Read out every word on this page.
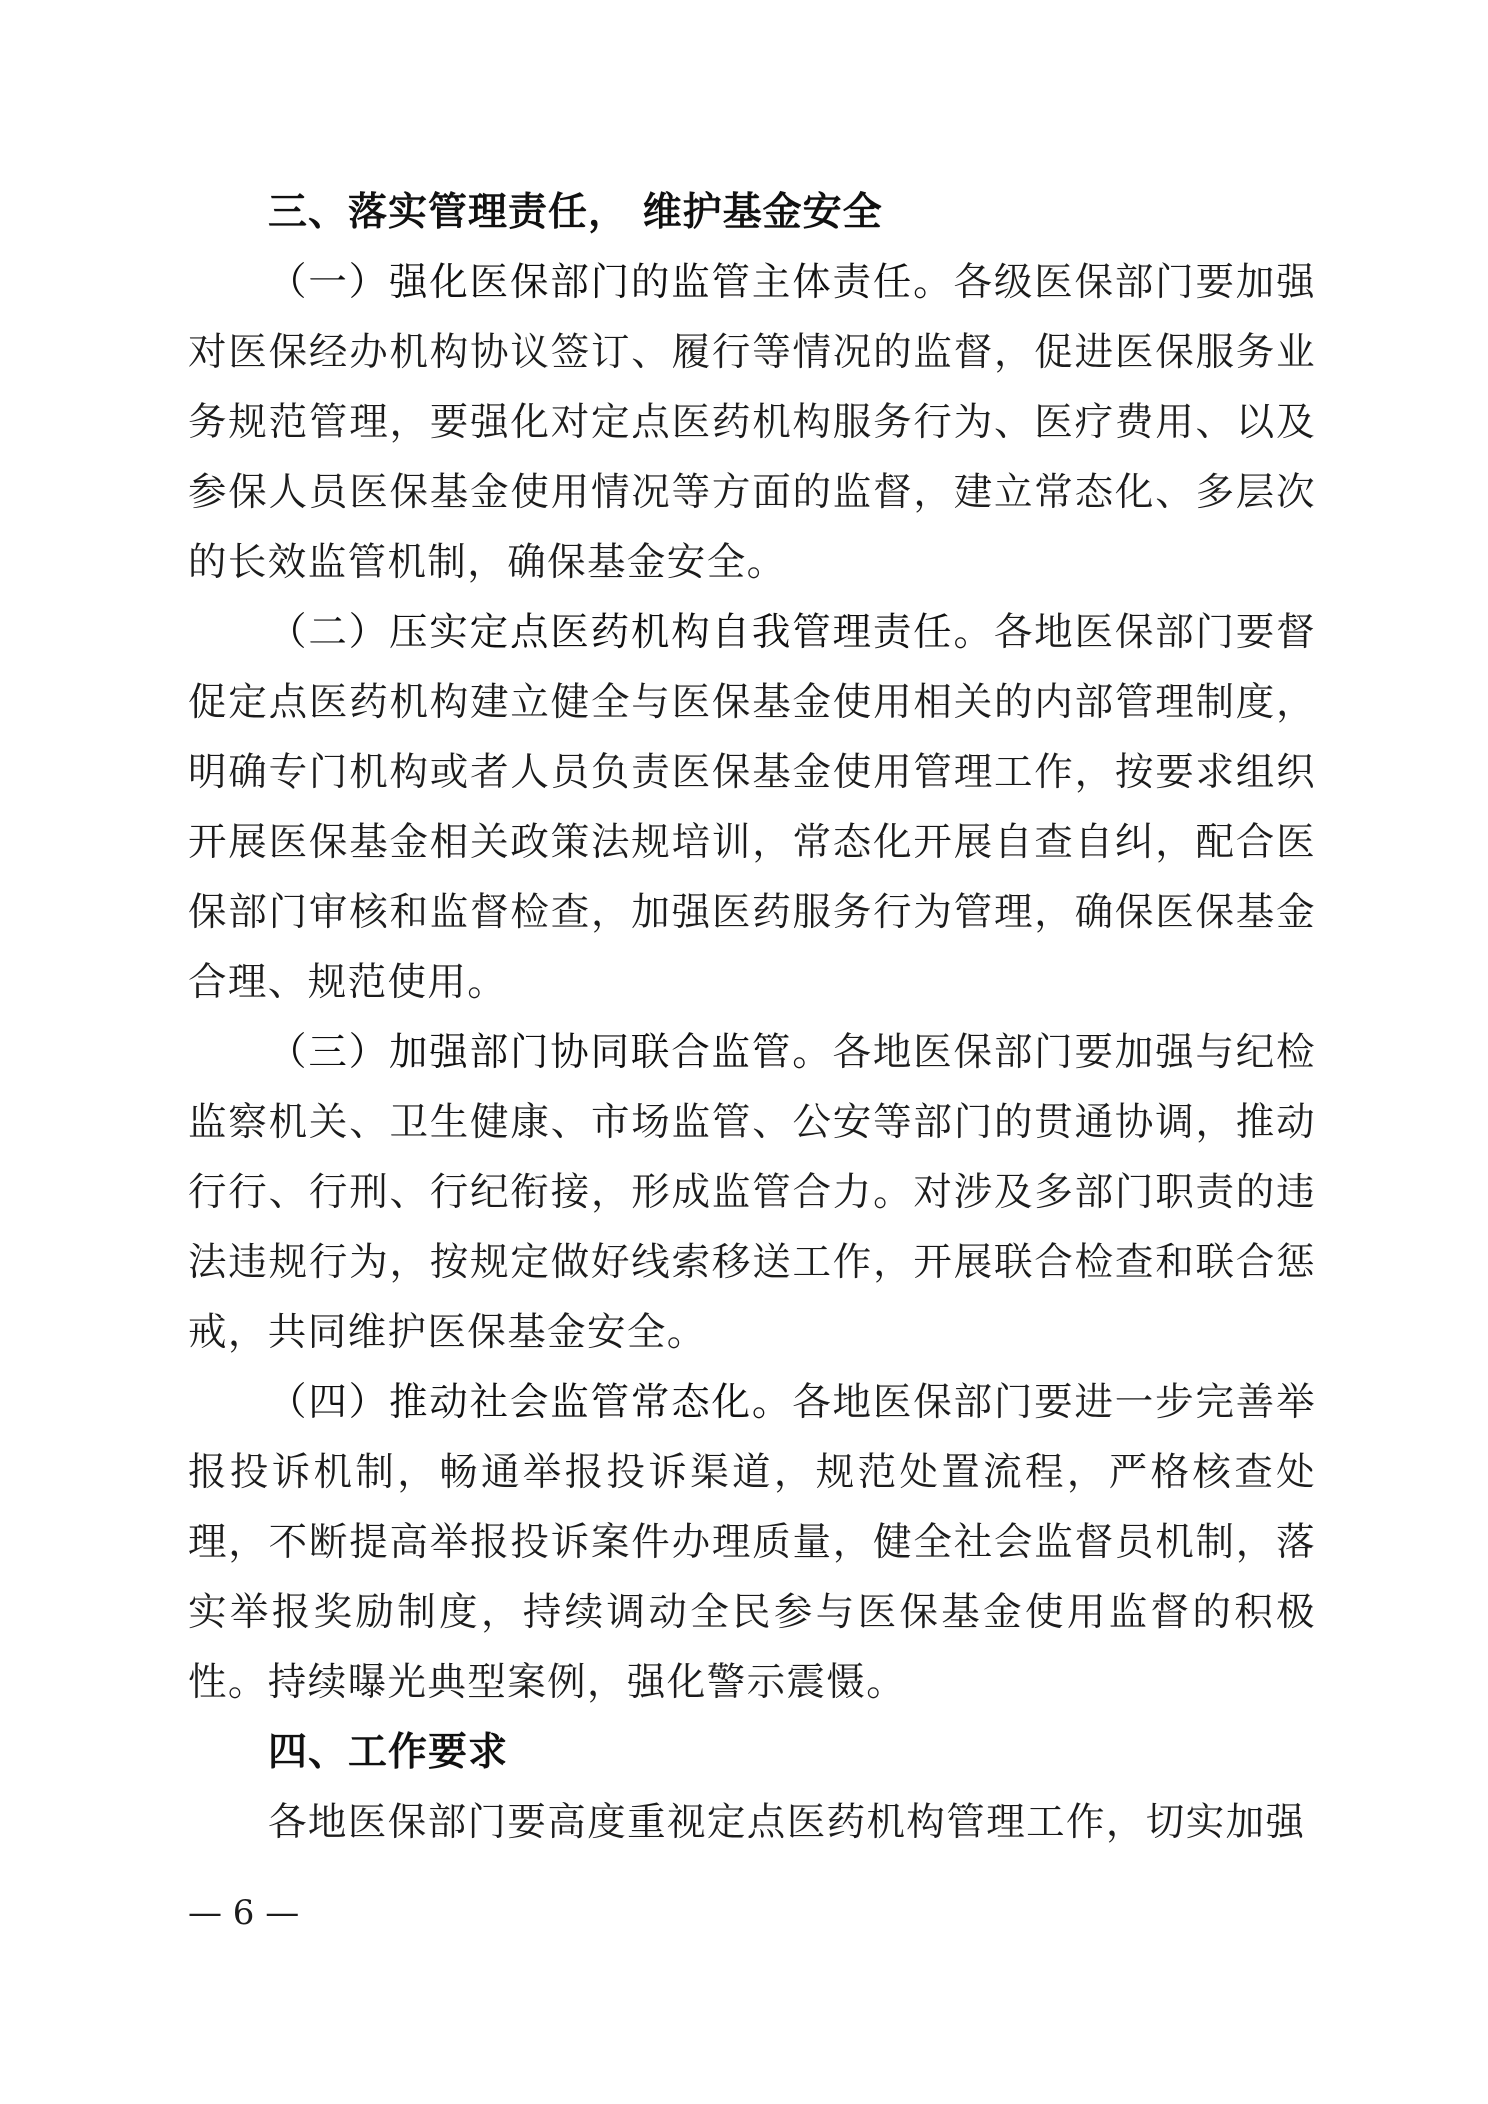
三、落实管理责任， 维护基金安全

（一）强化医保部门的监管主体责任。各级医保部门要加强对医保经办机构协议签订、履行等情况的监督，促进医保服务业务规范管理，要强化对定点医药机构服务行为、医疗费用、以及参保人员医保基金使用情况等方面的监督，建立常态化、多层次的长效监管机制，确保基金安全。

（二）压实定点医药机构自我管理责任。各地医保部门要督促定点医药机构建立健全与医保基金使用相关的内部管理制度，明确专门机构或者人员负责医保基金使用管理工作，按要求组织开展医保基金相关政策法规培训，常态化开展自查自纠，配合医保部门审核和监督检查，加强医药服务行为管理，确保医保基金合理、规范使用。

（三）加强部门协同联合监管。各地医保部门要加强与纪检监察机关、卫生健康、市场监管、公安等部门的贯通协调，推动行行、行刑、行纪衔接，形成监管合力。对涉及多部门职责的违法违规行为，按规定做好线索移送工作，开展联合检查和联合惩戒，共同维护医保基金安全。

（四）推动社会监管常态化。各地医保部门要进一步完善举报投诉机制，畅通举报投诉渠道，规范处置流程，严格核查处理，不断提高举报投诉案件办理质量，健全社会监督员机制，落实举报奖励制度，持续调动全民参与医保基金使用监督的积极性。持续曝光典型案例，强化警示震慑。

四、工作要求

各地医保部门要高度重视定点医药机构管理工作，切实加强

— 6 —
